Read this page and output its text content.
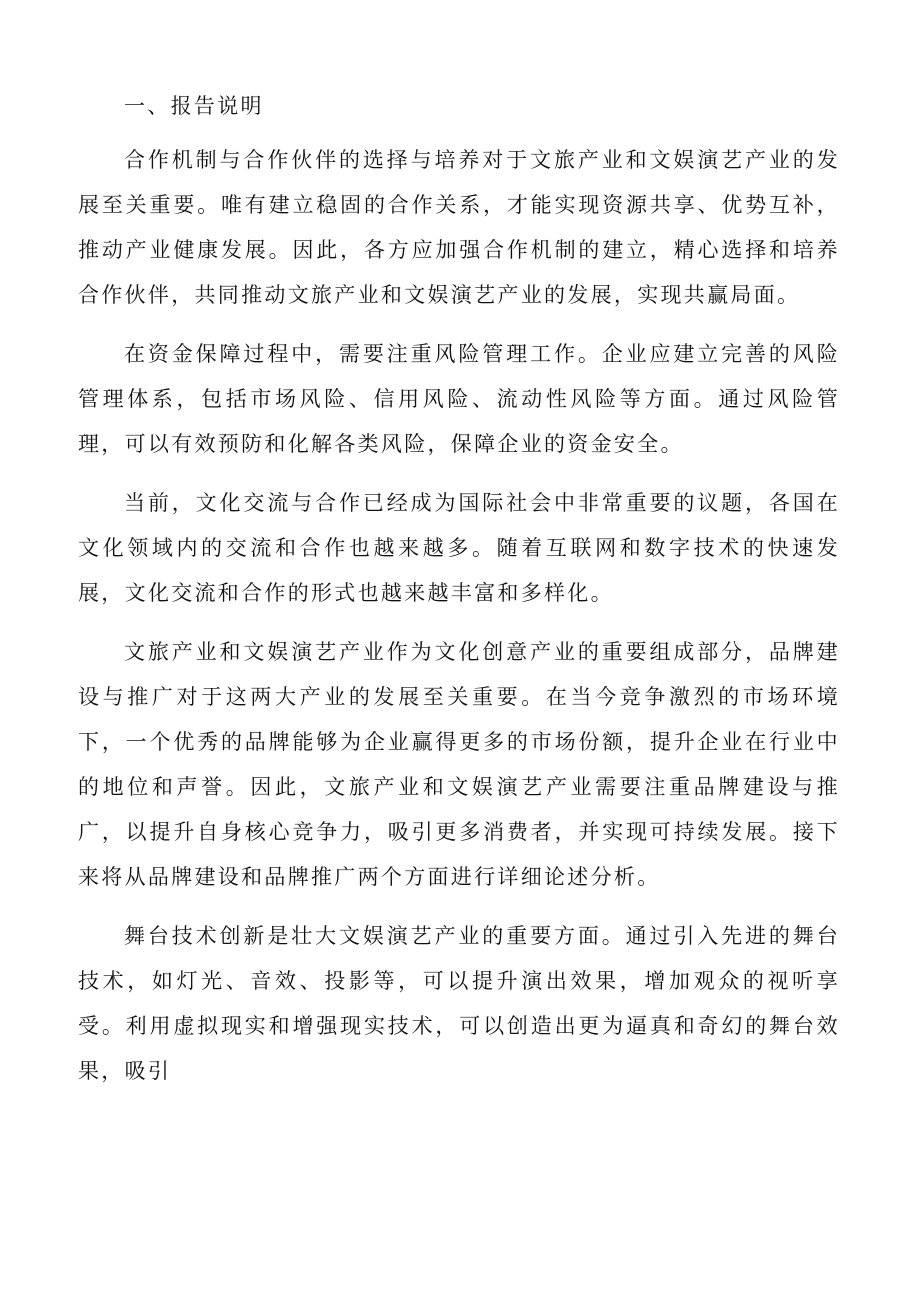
一、报告说明

合作机制与合作伙伴的选择与培养对于文旅产业和文娱演艺产业的发展至关重要。唯有建立稳固的合作关系，才能实现资源共享、优势互补，推动产业健康发展。因此，各方应加强合作机制的建立，精心选择和培养合作伙伴，共同推动文旅产业和文娱演艺产业的发展，实现共赢局面。

在资金保障过程中，需要注重风险管理工作。企业应建立完善的风险管理体系，包括市场风险、信用风险、流动性风险等方面。通过风险管理，可以有效预防和化解各类风险，保障企业的资金安全。

当前，文化交流与合作已经成为国际社会中非常重要的议题，各国在文化领域内的交流和合作也越来越多。随着互联网和数字技术的快速发展，文化交流和合作的形式也越来越丰富和多样化。

文旅产业和文娱演艺产业作为文化创意产业的重要组成部分，品牌建设与推广对于这两大产业的发展至关重要。在当今竞争激烈的市场环境下，一个优秀的品牌能够为企业赢得更多的市场份额，提升企业在行业中的地位和声誉。因此，文旅产业和文娱演艺产业需要注重品牌建设与推广，以提升自身核心竞争力，吸引更多消费者，并实现可持续发展。接下来将从品牌建设和品牌推广两个方面进行详细论述分析。

舞台技术创新是壮大文娱演艺产业的重要方面。通过引入先进的舞台技术，如灯光、音效、投影等，可以提升演出效果，增加观众的视听享受。利用虚拟现实和增强现实技术，可以创造出更为逼真和奇幻的舞台效果，吸引
